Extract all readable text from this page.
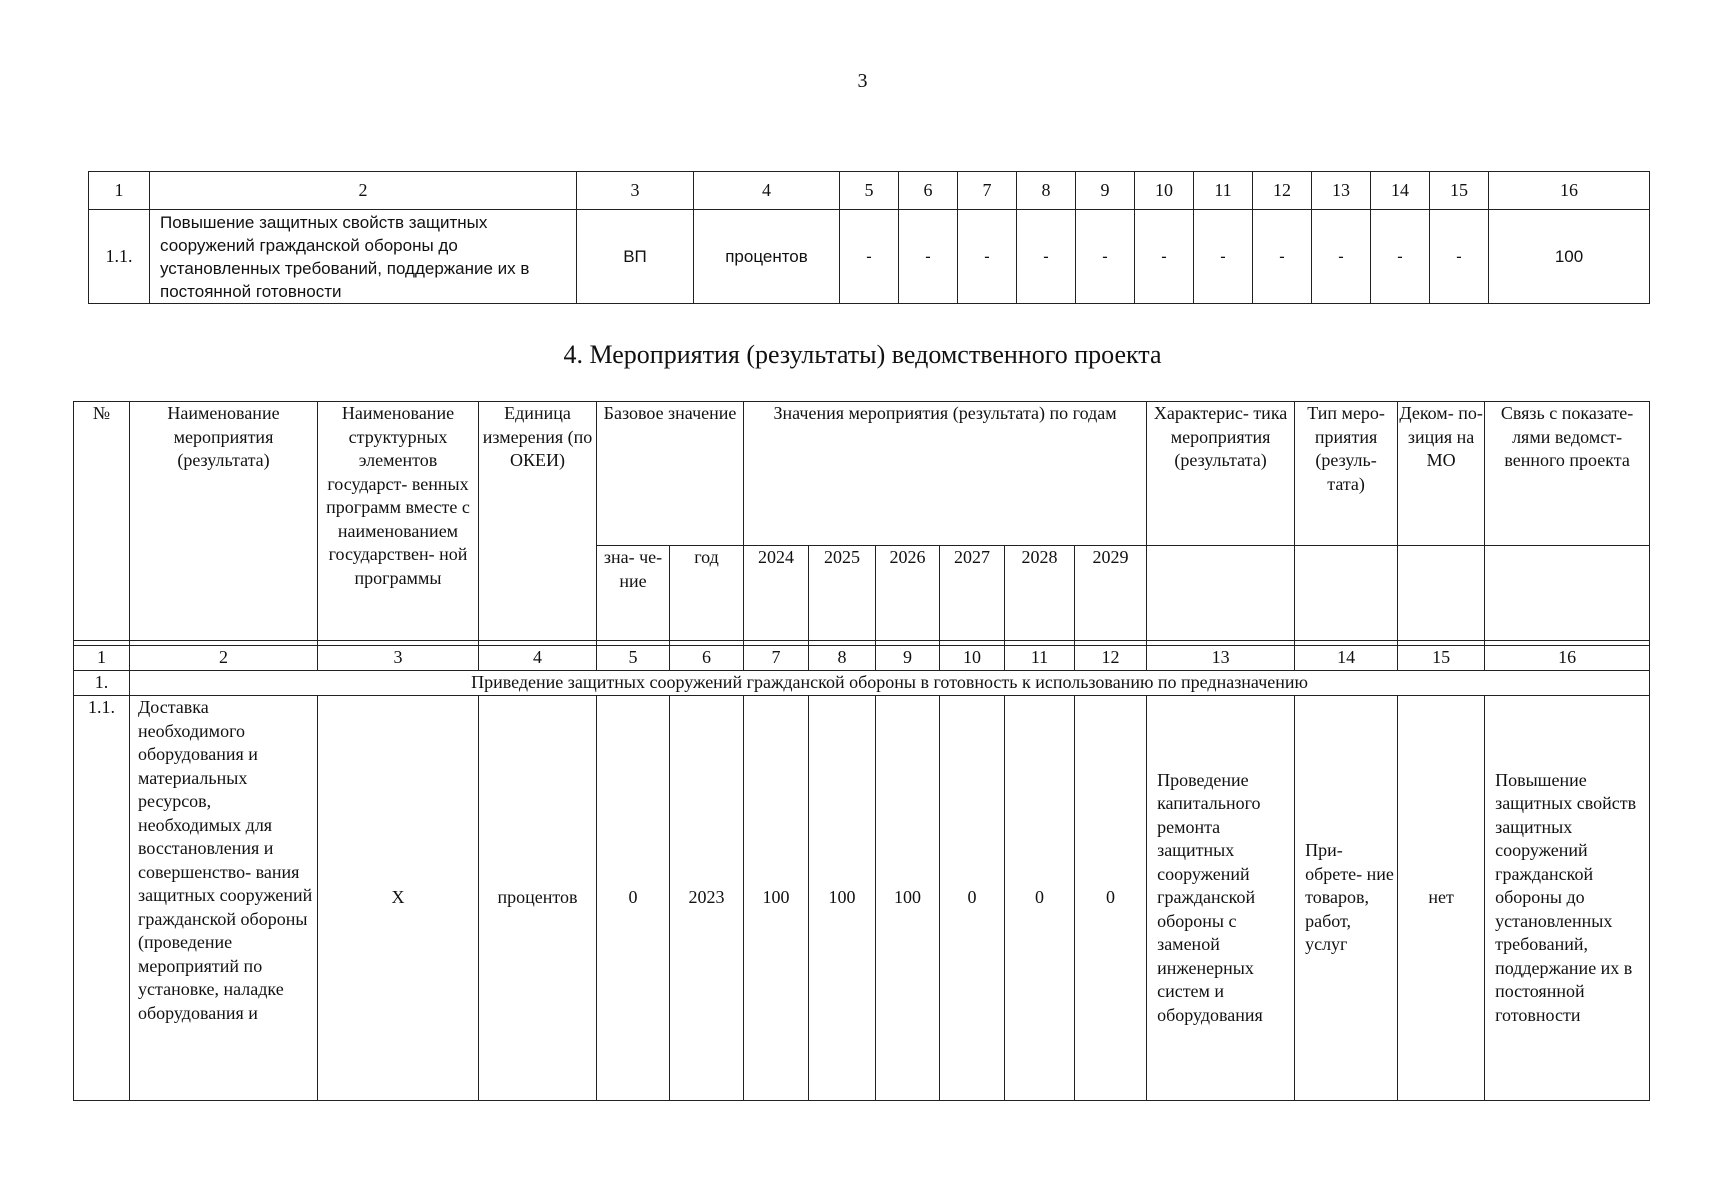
3
1	2	3	4	5	6	7	8	9	10	11	12	13	14	15	16
1.1.	Повышение защитных свойств защитных сооружений гражданской обороны до установленных требований, поддержание их в постоянной готовности	ВП	процентов	-	-	-	-	-	-	-	-	-	-	-	100
4. Мероприятия (результаты) ведомственного проекта
№	Наименование мероприятия (результата)	Наименование структурных элементов государст- венных программ вместе с наименованием государствен- ной программы	Единица измерения (по ОКЕИ)	Базовое значение		Значения мероприятия (результата) по годам						Характерис- тика мероприятия (результата)	Тип меро- приятия (резуль- тата)	Деком- по- зиция на МО	Связь с показате- лями ведомст- венного проекта
				зна- че- ние	год	2024	2025	2026	2027	2028	2029				

1	2	3	4	5	6	7	8	9	10	11	12	13	14	15	16
1.	Приведение защитных сооружений гражданской обороны в готовность к использованию по предназначению														
1.1.	Доставка необходимого оборудования и материальных ресурсов, необходимых для восстановления и совершенство- вания защитных сооружений гражданской обороны (проведение мероприятий по установке, наладке оборудования и	Х	процентов	0	2023	100	100	100	0	0	0	Проведение капитального ремонта защитных сооружений гражданской обороны с заменой инженерных систем и оборудования	При- обрете- ние товаров, работ, услуг	нет	Повышение защитных свойств защитных сооружений гражданской обороны до установленных требований, поддержание их в постоянной готовности
